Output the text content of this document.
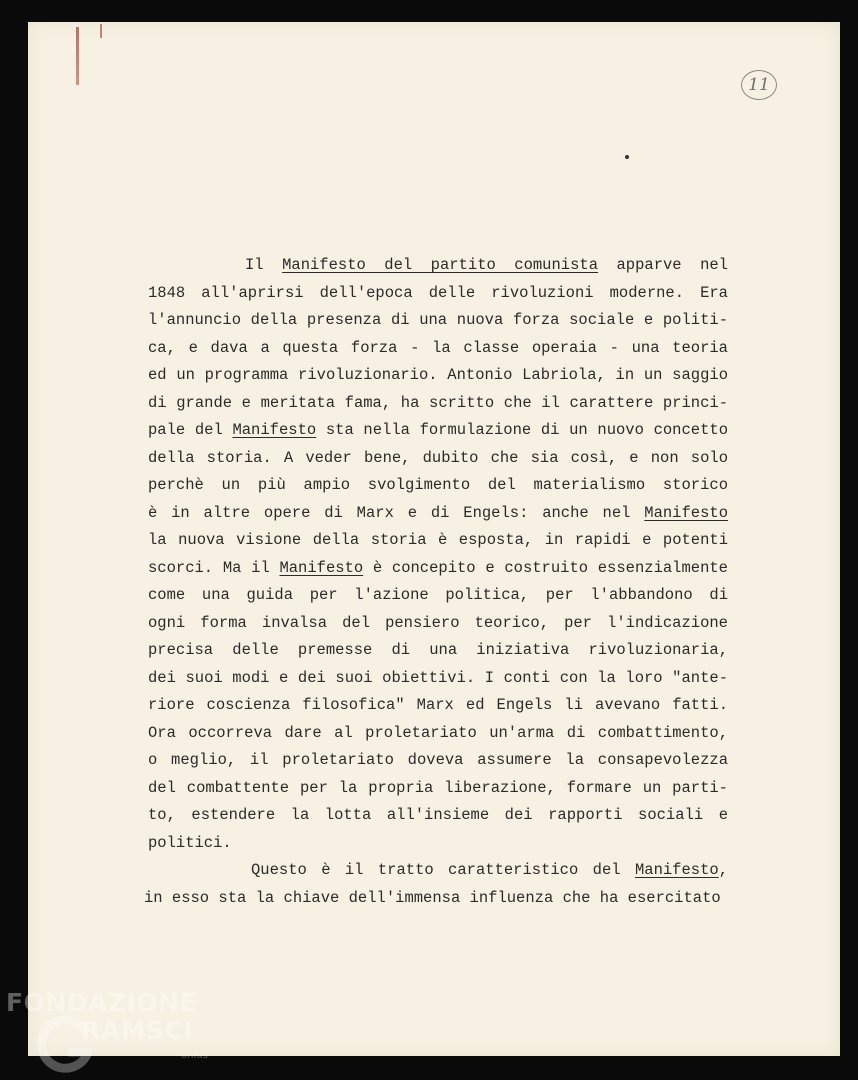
11
Il Manifesto del partito comunista apparve nel
1848 all'aprirsi dell'epoca delle rivoluzioni moderne. Era
l'annuncio della presenza di una nuova forza sociale e politi-
ca, e dava a questa forza - la classe operaia - una teoria
ed un programma rivoluzionario. Antonio Labriola, in un saggio
di grande e meritata fama, ha scritto che il carattere princi-
pale del Manifesto sta nella formulazione di un nuovo concetto
della storia. A veder bene, dubito che sia così, e non solo
perchè un più ampio svolgimento del materialismo storico
è in altre opere di Marx e di Engels: anche nel Manifesto
la nuova visione della storia è esposta, in rapidi e potenti
scorci. Ma il Manifesto è concepito e costruito essenzialmente
come una guida per l'azione politica, per l'abbandono di
ogni forma invalsa del pensiero teorico, per l'indicazione
precisa delle premesse di una iniziativa rivoluzionaria,
dei suoi modi e dei suoi obiettivi. I conti con la loro "ante-
riore coscienza filosofica" Marx ed Engels li avevano fatti.
Ora occorreva dare al proletariato un'arma di combattimento,
o meglio, il proletariato doveva assumere la consapevolezza
del combattente per la propria liberazione, formare un parti-
to, estendere la lotta all'insieme dei rapporti sociali e
politici.
Questo è il tratto caratteristico del Manifesto,
in esso sta la chiave dell'immensa influenza che ha esercitato
FONDAZIONE
RAMSCI
onlus
